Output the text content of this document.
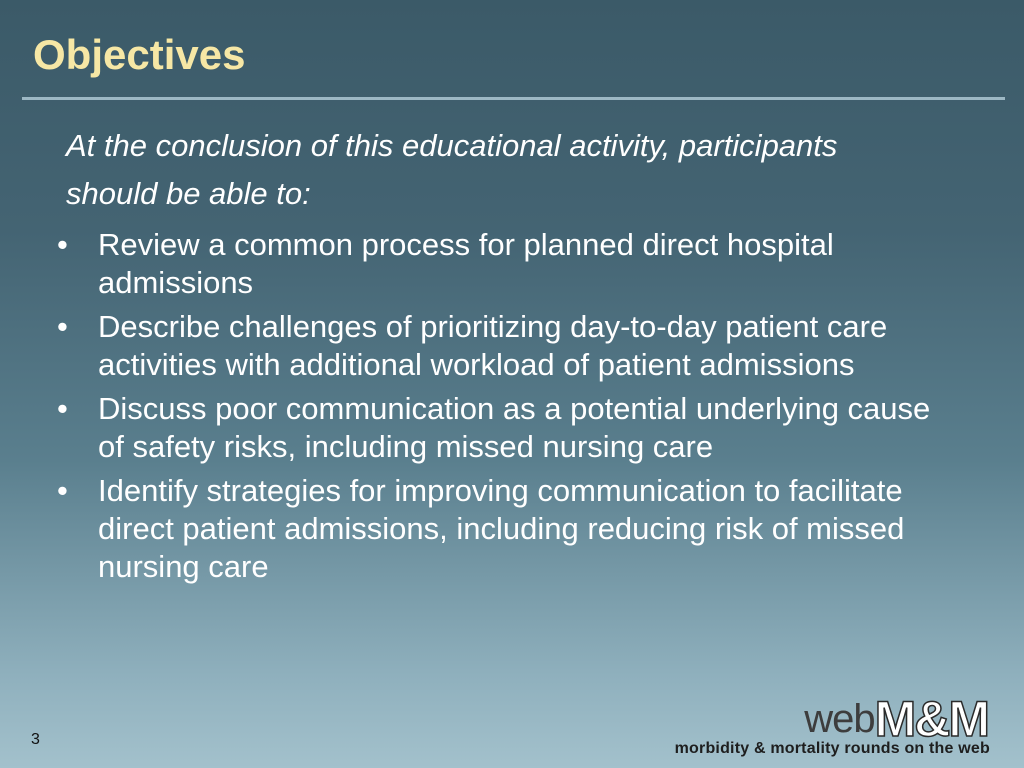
Objectives

At the conclusion of this educational activity, participants should be able to:

• Review a common process for planned direct hospital admissions
• Describe challenges of prioritizing day-to-day patient care activities with additional workload of patient admissions
• Discuss poor communication as a potential underlying cause of safety risks, including missed nursing care
• Identify strategies for improving communication to facilitate direct patient admissions, including reducing risk of missed nursing care
3	webM&M
morbidity & mortality rounds on the web
